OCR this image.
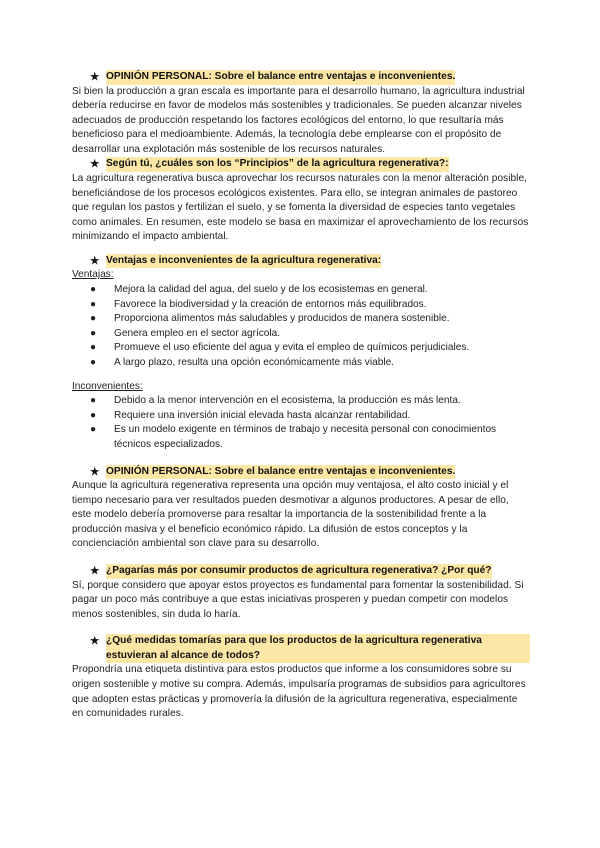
★ OPINIÓN PERSONAL: Sobre el balance entre ventajas e inconvenientes.

Si bien la producción a gran escala es importante para el desarrollo humano, la agricultura industrial debería reducirse en favor de modelos más sostenibles y tradicionales. Se pueden alcanzar niveles adecuados de producción respetando los factores ecológicos del entorno, lo que resultaría más beneficioso para el medioambiente. Además, la tecnología debe emplearse con el propósito de desarrollar una explotación más sostenible de los recursos naturales.

★ Según tú, ¿cuáles son los “Principios” de la agricultura regenerativa?:

La agricultura regenerativa busca aprovechar los recursos naturales con la menor alteración posible, beneficiándose de los procesos ecológicos existentes. Para ello, se integran animales de pastoreo que regulan los pastos y fertilizan el suelo, y se fomenta la diversidad de especies tanto vegetales como animales. En resumen, este modelo se basa en maximizar el aprovechamiento de los recursos minimizando el impacto ambiental.

★ Ventajas e inconvenientes de la agricultura regenerativa:

Ventajas:

●	Mejora la calidad del agua, del suelo y de los ecosistemas en general.
●	Favorece la biodiversidad y la creación de entornos más equilibrados.
●	Proporciona alimentos más saludables y producidos de manera sostenible.
●	Genera empleo en el sector agrícola.
●	Promueve el uso eficiente del agua y evita el empleo de químicos perjudiciales.
●	A largo plazo, resulta una opción económicamente más viable.

Inconvenientes:

●	Debido a la menor intervención en el ecosistema, la producción es más lenta.
●	Requiere una inversión inicial elevada hasta alcanzar rentabilidad.
●	Es un modelo exigente en términos de trabajo y necesita personal con conocimientos técnicos especializados.
★ OPINIÓN PERSONAL: Sobre el balance entre ventajas e inconvenientes.

Aunque la agricultura regenerativa representa una opción muy ventajosa, el alto costo inicial y el tiempo necesario para ver resultados pueden desmotivar a algunos productores. A pesar de ello, este modelo debería promoverse para resaltar la importancia de la sostenibilidad frente a la producción masiva y el beneficio económico rápido. La difusión de estos conceptos y la concienciación ambiental son clave para su desarrollo.

★ ¿Pagarías más por consumir productos de agricultura regenerativa? ¿Por qué?

Sí, porque considero que apoyar estos proyectos es fundamental para fomentar la sostenibilidad. Si pagar un poco más contribuye a que estas iniciativas prosperen y puedan competir con modelos menos sostenibles, sin duda lo haría.

★ ¿Qué medidas tomarías para que los productos de la agricultura regenerativa estuvieran al alcance de todos?

Propondría una etiqueta distintiva para estos productos que informe a los consumidores sobre su origen sostenible y motive su compra. Además, impulsaría programas de subsidios para agricultores que adopten estas prácticas y promovería la difusión de la agricultura regenerativa, especialmente en comunidades rurales.
